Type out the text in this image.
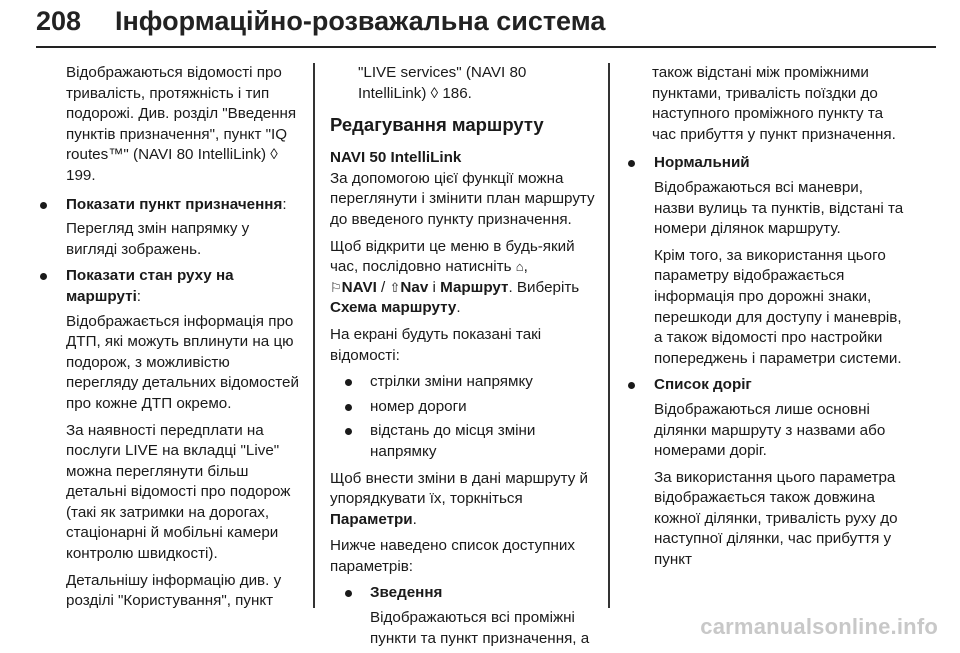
208 Інформаційно-розважальна система

Відображаються відомості про тривалість, протяжність і тип подорожі. Див. розділ "Введення пунктів призначення", пункт "IQ routes™" (NAVI 80 IntelliLink) ◊ 199.

Показати пункт призначення:
Перегляд змін напрямку у вигляді зображень.
Показати стан руху на маршруті:
Відображається інформація про ДТП, які можуть вплинути на цю подорож, з можливістю перегляду детальних відомостей про кожне ДТП окремо.
За наявності передплати на послуги LIVE на вкладці "Live" можна переглянути більш детальні відомості про подорож (такі як затримки на дорогах, стаціонарні й мобільні камери контролю швидкості).
Детальнішу інформацію див. у розділі "Користування", пункт

"LIVE services" (NAVI 80 IntelliLink) ◊ 186.

Редагування маршруту

NAVI 50 IntelliLink

За допомогою цієї функції можна переглянути і змінити план маршруту до введеного пункту призначення.

Щоб відкрити це меню в будь-який час, послідовно натисніть ⌂,
⚐NAVI / ⇧Nav і Маршрут. Виберіть Схема маршруту.

На екрані будуть показані такі відомості:

стрілки зміни напрямку
номер дороги
відстань до місця зміни напрямку

Щоб внести зміни в дані маршруту й упорядкувати їх, торкніться Параметри.

Нижче наведено список доступних параметрів:

Зведення
Відображаються всі проміжні пункти та пункт призначення, а

також відстані між проміжними пунктами, тривалість поїздки до наступного проміжного пункту та час прибуття у пункт призначення.

Нормальний
Відображаються всі маневри, назви вулиць та пунктів, відстані та номери ділянок маршруту.
Крім того, за використання цього параметру відображається інформація про дорожні знаки, перешкоди для доступу і маневрів, а також відомості про настройки попереджень і параметри системи.
Список доріг
Відображаються лише основні ділянки маршруту з назвами або номерами доріг.
За використання цього параметра відображається також довжина кожної ділянки, тривалість руху до наступної ділянки, час прибуття у пункт
carmanualsonline.info
